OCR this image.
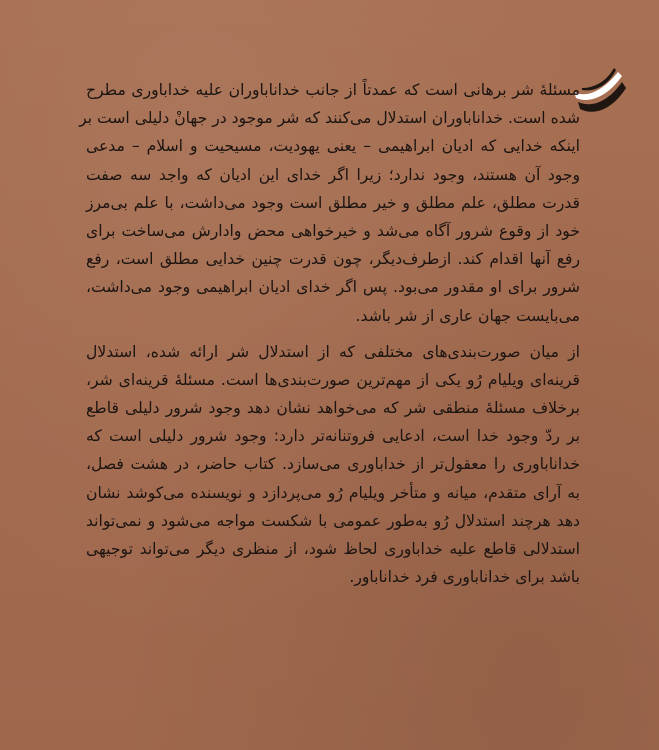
مسئلهٔ شر برهانی است که عمدتاً از جانب خداناباوران علیه خداباوری مطرح
شده است. خداناباوران استدلال می‌کنند که شر موجود در جهانْ دلیلی است بر
اینکه خدایی که ادیان ابراهیمی – یعنی یهودیت، مسیحیت و اسلام – مدعی
وجود آن هستند، وجود ندارد؛ زیرا اگر خدای این ادیان که واجد سه صفت
قدرت مطلق، علم مطلق و خیر مطلق است وجود می‌داشت، با علم بی‌مرز
خود از وقوع شرور آگاه می‌شد و خیرخواهی محض وادارش می‌ساخت برای
رفع آنها اقدام کند. ازطرف‌دیگر، چون قدرت چنین خدایی مطلق است، رفع
شرور برای او مقدور می‌بود. پس اگر خدای ادیان ابراهیمی وجود می‌داشت،
می‌بایست جهان عاری از شر باشد.
از میان صورت‌بندی‌های مختلفی که از استدلال شر ارائه شده، استدلال
قرینه‌ای ویلیام رُو یکی از مهم‌ترین صورت‌بندی‌ها است. مسئلهٔ قرینه‌ای شر،
برخلاف مسئلهٔ منطقی شر که می‌خواهد نشان دهد وجود شرور دلیلی قاطع
بر ردّ وجود خدا است، ادعایی فروتنانه‌تر دارد: وجود شرور دلیلی است که
خداناباوری را معقول‌تر از خداباوری می‌سازد. کتاب حاضر، در هشت فصل،
به آرای متقدم، میانه و متأخر ویلیام رُو می‌پردازد و نویسنده می‌کوشد نشان
دهد هرچند استدلال رُو به‌طور عمومی با شکست مواجه می‌شود و نمی‌تواند
استدلالی قاطع علیه خداباوری لحاظ شود، از منظری دیگر می‌تواند توجیهی
باشد برای خداناباوری فرد خداناباور.
